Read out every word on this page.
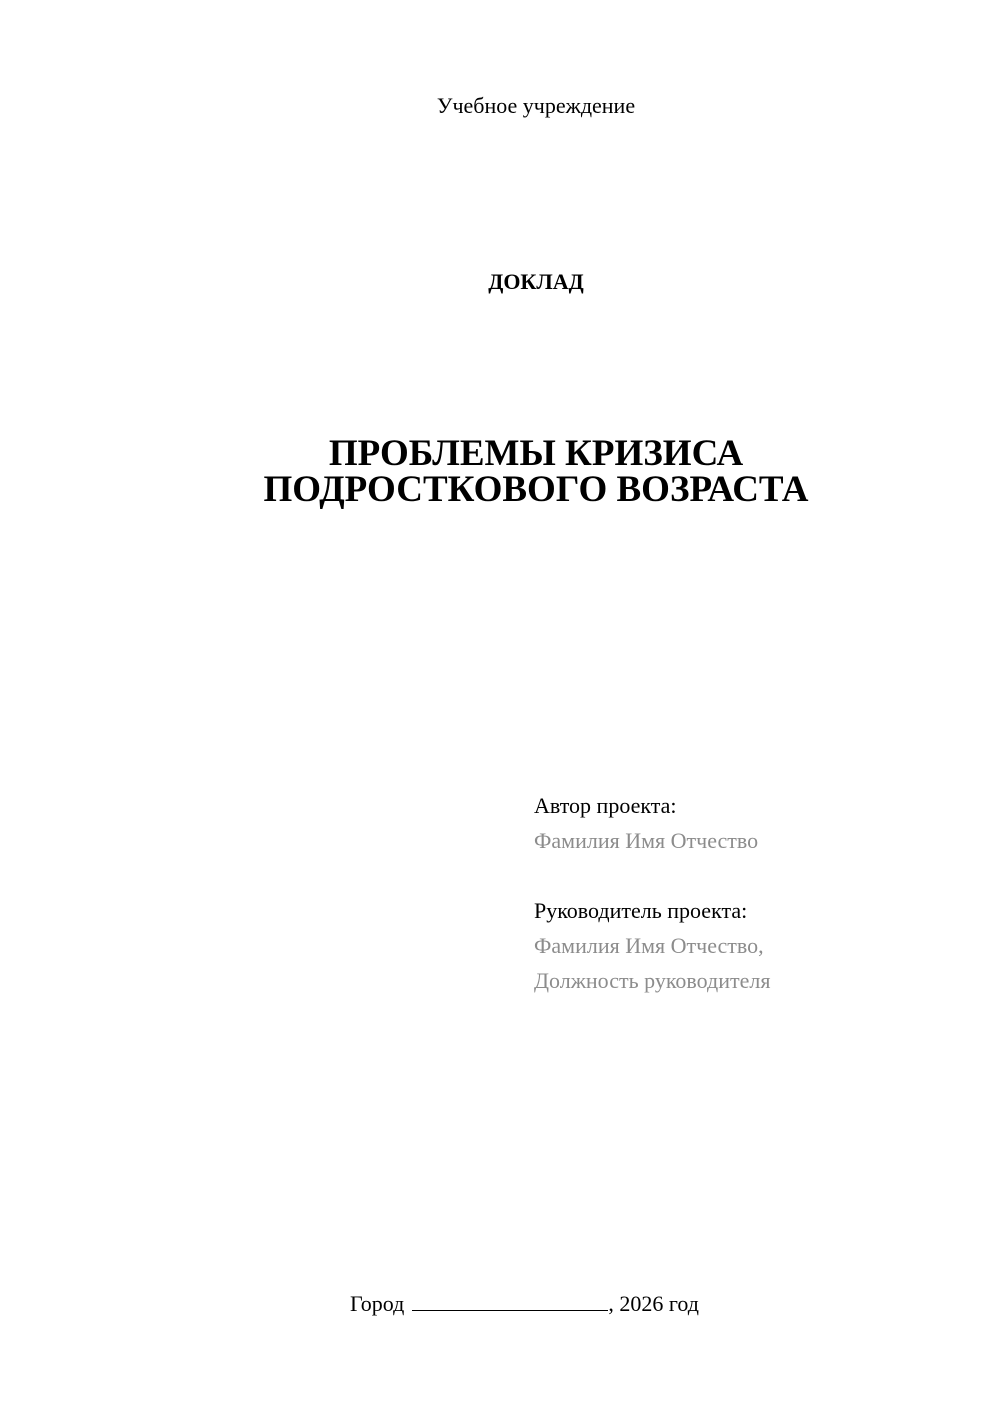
Учебное учреждение
ДОКЛАД
ПРОБЛЕМЫ КРИЗИСА
ПОДРОСТКОВОГО ВОЗРАСТА
Автор проекта:
Фамилия Имя Отчество
Руководитель проекта:
Фамилия Имя Отчество,
Должность руководителя
Город	, 2026 год
